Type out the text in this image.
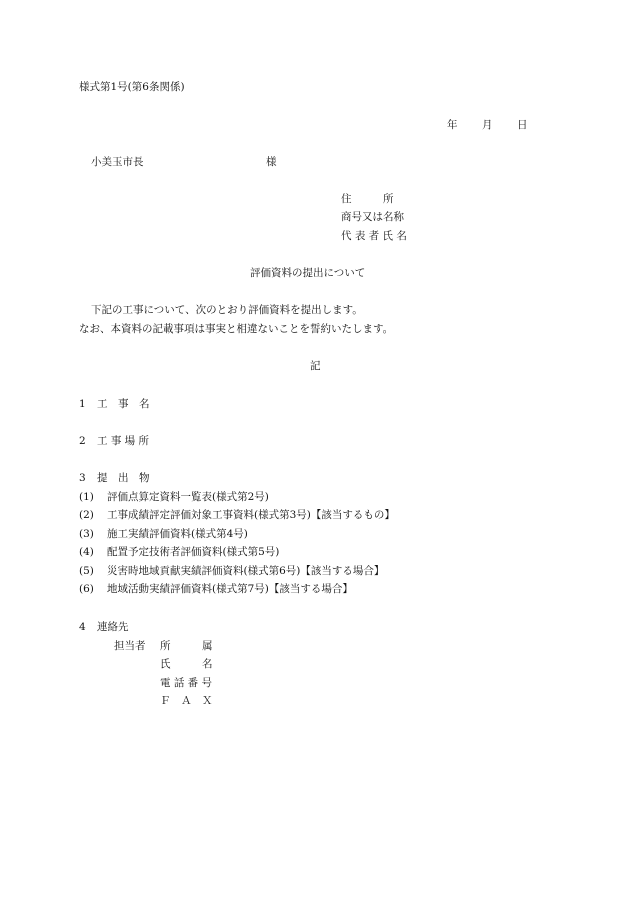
様式第1号(第6条関係)
年 月 日
小美玉市長	様
住　　　所
商号又は名称
代 表 者 氏 名
評価資料の提出について
下記の工事について、次のとおり評価資料を提出します。
なお、本資料の記載事項は事実と相違ないことを誓約いたします。
記
1	工　事　名
2	工 事 場 所
3	提　出　物
(1)	評価点算定資料一覧表(様式第2号)
(2)	工事成績評定評価対象工事資料(様式第3号)【該当するもの】
(3)	施工実績評価資料(様式第4号)
(4)	配置予定技術者評価資料(様式第5号)
(5)	災害時地域貢献実績評価資料(様式第6号)【該当する場合】
(6)	地域活動実績評価資料(様式第7号)【該当する場合】
4	連絡先
担当者 所　　　属
氏　　　名
電 話 番 号
Ｆ　Ａ　Ｘ
